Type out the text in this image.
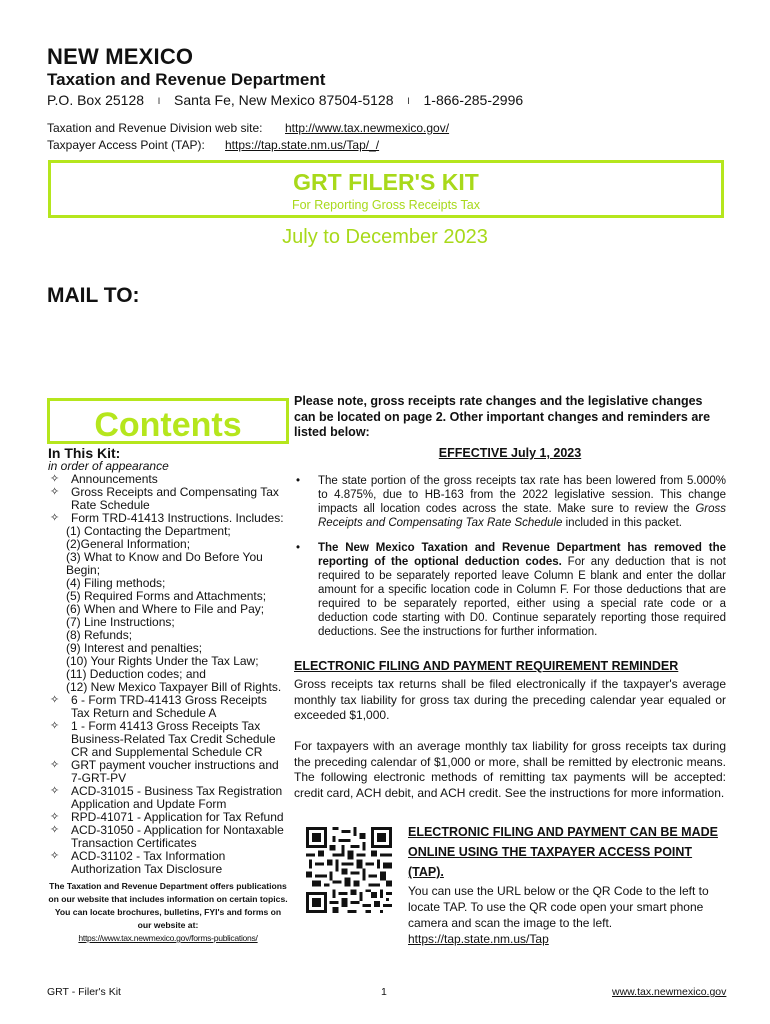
NEW MEXICO
Taxation and Revenue Department
P.O. Box 25128 l Santa Fe, New Mexico 87504-5128 l 1-866-285-2996
Taxation and Revenue Division web site: http://www.tax.newmexico.gov/
Taxpayer Access Point (TAP): https://tap.state.nm.us/Tap/_/
GRT FILER'S KIT
For Reporting Gross Receipts Tax
July to December 2023
MAIL TO:
Contents
In This Kit:
in order of appearance
✧ Announcements
✧ Gross Receipts and Compensating Tax Rate Schedule
✧ Form TRD-41413 Instructions. Includes:
(1) Contacting the Department;
(2)General Information;
(3) What to Know and Do Before You Begin;
(4) Filing methods;
(5) Required Forms and Attachments;
(6) When and Where to File and Pay;
(7) Line Instructions;
(8) Refunds;
(9) Interest and penalties;
(10) Your Rights Under the Tax Law;
(11) Deduction codes; and
(12) New Mexico Taxpayer Bill of Rights.
✧ 6 - Form TRD-41413 Gross Receipts Tax Return and Schedule A
✧ 1 - Form 41413 Gross Receipts Tax Business-Related Tax Credit Schedule CR and Supplemental Schedule CR
✧ GRT payment voucher instructions and 7-GRT-PV
✧ ACD-31015 - Business Tax Registration Application and Update Form
✧ RPD-41071 - Application for Tax Refund
✧ ACD-31050 - Application for Nontaxable Transaction Certificates
✧ ACD-31102 - Tax Information Authorization Tax Disclosure
The Taxation and Revenue Department offers publications on our website that includes information on certain topics. You can locate brochures, bulletins, FYI's and forms on our website at:
https://www.tax.newmexico.gov/forms-publications/
Please note, gross receipts rate changes and the legislative changes can be located on page 2. Other important changes and reminders are listed below:
EFFECTIVE July 1, 2023
• The state portion of the gross receipts tax rate has been lowered from 5.000% to 4.875%, due to HB-163 from the 2022 legislative session. This change impacts all location codes across the state. Make sure to review the Gross Receipts and Compensating Tax Rate Schedule included in this packet.
• The New Mexico Taxation and Revenue Department has removed the reporting of the optional deduction codes. For any deduction that is not required to be separately reported leave Column E blank and enter the dollar amount for a specific location code in Column F. For those deductions that are required to be separately reported, either using a special rate code or a deduction code starting with D0. Continue separately reporting those required deductions. See the instructions for further information.
ELECTRONIC FILING AND PAYMENT REQUIREMENT REMINDER
Gross receipts tax returns shall be filed electronically if the taxpayer's average monthly tax liability for gross tax during the preceding calendar year equaled or exceeded $1,000.
For taxpayers with an average monthly tax liability for gross receipts tax during the preceding calendar of $1,000 or more, shall be remitted by electronic means. The following electronic methods of remitting tax payments will be accepted: credit card, ACH debit, and ACH credit. See the instructions for more information.
ELECTRONIC FILING AND PAYMENT CAN BE MADE ONLINE USING THE TAXPAYER ACCESS POINT (TAP).
You can use the URL below or the QR Code to the left to locate TAP. To use the QR code open your smart phone camera and scan the image to the left.
https://tap.state.nm.us/Tap
GRT - Filer's Kit	1	www.tax.newmexico.gov
